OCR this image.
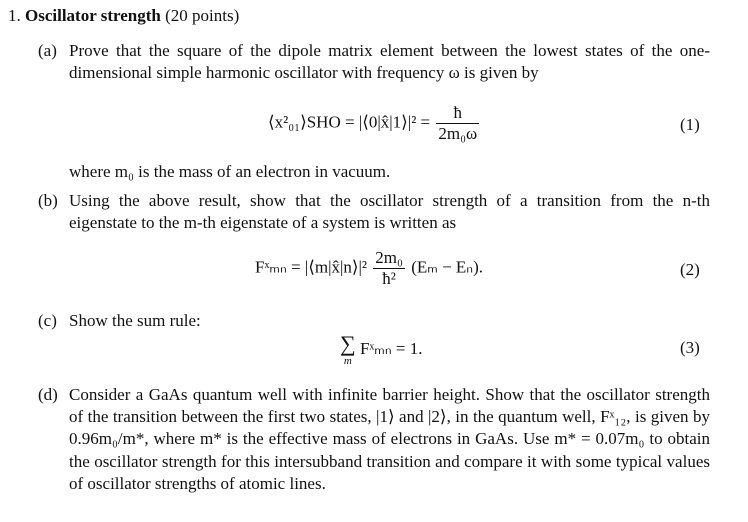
1. Oscillator strength (20 points)
(a) Prove that the square of the dipole matrix element between the lowest states of the one-dimensional simple harmonic oscillator with frequency ω is given by
⟨x²₀₁⟩SHO = |⟨0|x̂|1⟩|² = $\frac{ħ}{\text{2m₀ω}}$	(1)
where m₀ is the mass of an electron in vacuum.
(b) Using the above result, show that the oscillator strength of a transition from the n-th eigenstate to the m-th eigenstate of a system is written as
Fˣₘₙ = |⟨m|x̂|n⟩|² $\frac{\text{2m₀}}{\text{ħ²}} (E_m - E_n)$.	(2)
(c) Show the sum rule:
∑
m
Fˣₘₙ = 1.	(3)
(d) Consider a GaAs quantum well with infinite barrier height. Show that the oscillator strength of the transition between the first two states, |1⟩ and |2⟩, in the quantum well, Fˣ₁₂, is given by 0.96m₀/m*, where m* is the effective mass of electrons in GaAs. Use m* = 0.07m₀ to obtain the oscillator strength for this intersubband transition and compare it with some typical values of oscillator strengths of atomic lines.
